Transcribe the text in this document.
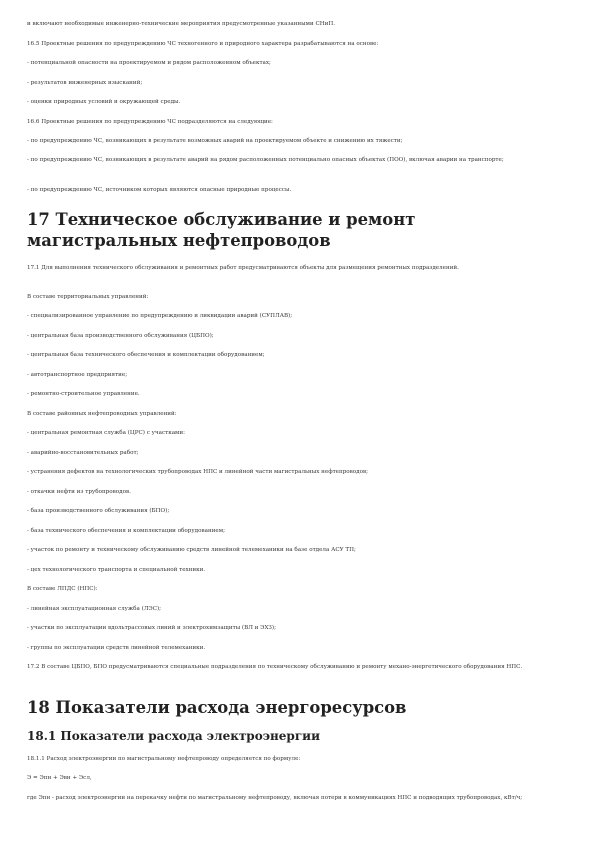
и включают необходимые инженерно-технические мероприятия предусмотренные указанными СНиП.
16.5 Проектные решения по предупреждению ЧС техногенного и природного характера разрабатываются на основе:
- потенциальной опасности на проектируемом и рядом расположенном объектах;
- результатов инженерных изысканий;
- оценки природных условий и окружающей среды.
16.6 Проектные решения по предупреждению ЧС подразделяются на следующие:
- по предупреждению ЧС, возникающих в результате возможных аварий на проектируемом объекте и снижению их тяжести;
- по предупреждению ЧС, возникающих в результате аварий на рядом расположенных потенциально опасных объектах (ПОО), включая аварии на транспорте;
- по предупреждению ЧС, источником которых являются опасные природные процессы.
17 Техническое обслуживание и ремонт магистральных нефтепроводов
17.1 Для выполнения технического обслуживания и ремонтных работ предусматриваются объекты для размещения ремонтных подразделений.
В составе территориальных управлений:
- специализированное управление по предупреждению и ликвидации аварий (СУПЛАВ);
- центральная база производственного обслуживания (ЦБПО);
- центральная база технического обеспечения и комплектации оборудованием;
- автотранспортное предприятие;
- ремонтно-строительное управление.
В составе районных нефтепроводных управлений:
- центральная ремонтная служба (ЦРС) с участками:
- аварийно-восстановительных работ;
- устранения дефектов на технологических трубопроводах НПС и линейной части магистральных нефтепроводов;
- откачки нефти из трубопроводов.
- база производственного обслуживания (БПО);
- база технического обеспечения и комплектации оборудованием;
- участок по ремонту и техническому обслуживанию средств линейной телемеханики на базе отдела АСУ ТП;
- цех технологического транспорта и специальной техники.
В составе ЛПДС (НПС):
- линейная эксплуатационная служба (ЛЭС);
- участки по эксплуатации вдольтрассовых линий и электрохимзащиты (ВЛ и ЭХЗ);
- группы по эксплуатации средств линейной телемеханики.
17.2 В составе ЦБПО, БПО предусматриваются специальные подразделения по техническому обслуживанию и ремонту механо-энергетического оборудования НПС.
18 Показатели расхода энергоресурсов
18.1 Показатели расхода электроэнергии
18.1.1 Расход электроэнергии по магистральному нефтепроводу определяется по формуле:
Э = Эпн + Эвн + Эсл,
где Эпн - расход электроэнергии на перекачку нефти по магистральному нефтепроводу, включая потери в коммуникациях НПС и подводящих трубопроводах, кВт/ч;
